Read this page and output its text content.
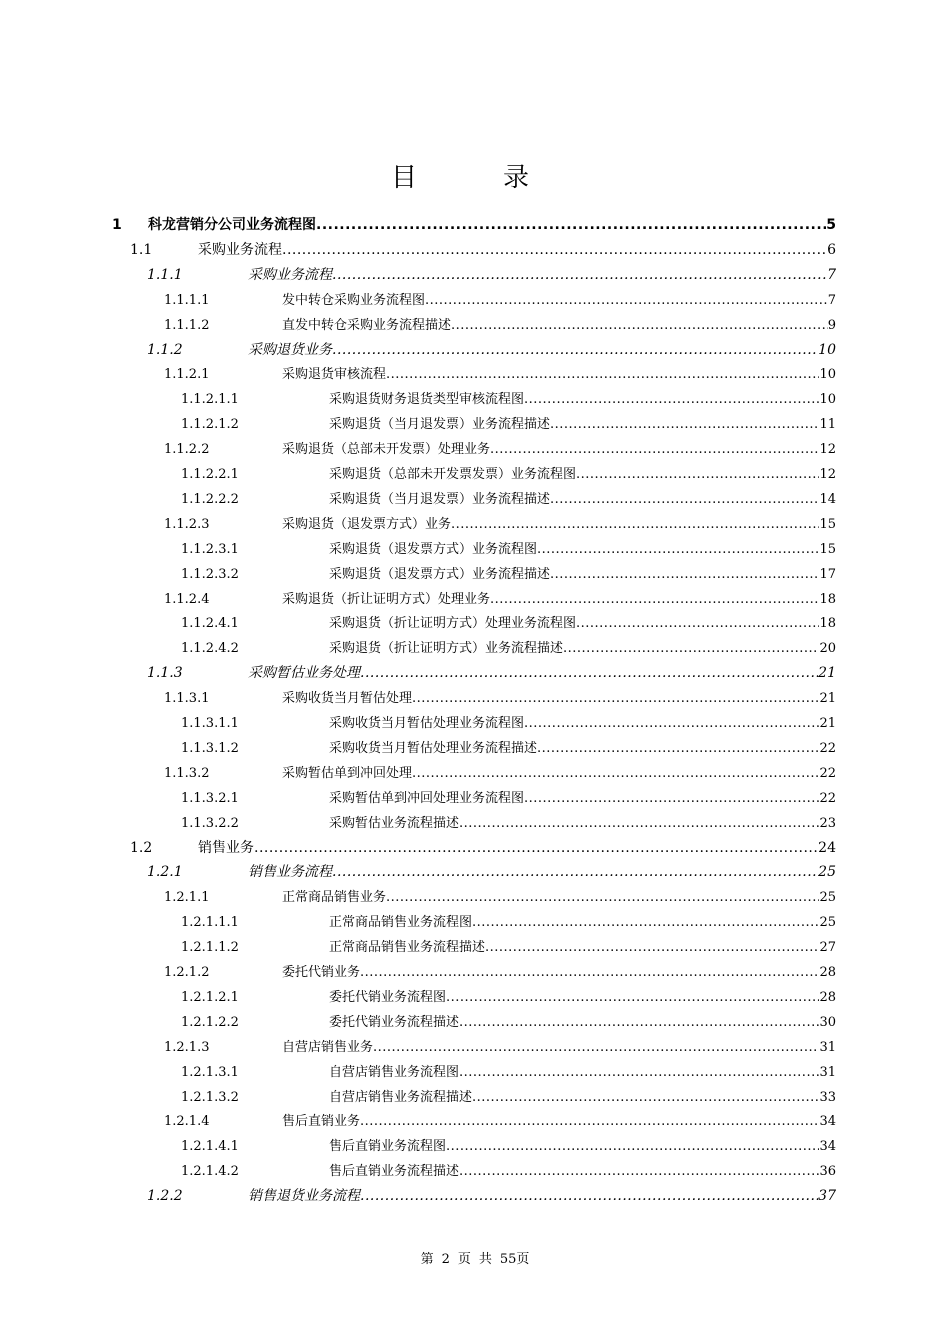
目　录
1	科龙营销分公司业务流程图 .....	5
1.1	采购业务流程 .....	6
1.1.1	采购业务流程 .....	7
1.1.1.1	发中转仓采购业务流程图 .....	7
1.1.1.2	直发中转仓采购业务流程描述 .....	9
1.1.2	采购退货业务 .....	10
1.1.2.1	采购退货审核流程 .....	10
1.1.2.1.1	采购退货财务退货类型审核流程图 .....	10
1.1.2.1.2	采购退货（当月退发票）业务流程描述 .....	11
1.1.2.2	采购退货（总部未开发票）处理业务 .....	12
1.1.2.2.1	采购退货（总部未开发票发票）业务流程图 .....	12
1.1.2.2.2	采购退货（当月退发票）业务流程描述 .....	14
1.1.2.3	采购退货（退发票方式）业务 .....	15
1.1.2.3.1	采购退货（退发票方式）业务流程图 .....	15
1.1.2.3.2	采购退货（退发票方式）业务流程描述 .....	17
1.1.2.4	采购退货（折让证明方式）处理业务 .....	18
1.1.2.4.1	采购退货（折让证明方式）处理业务流程图 .....	18
1.1.2.4.2	采购退货（折让证明方式）业务流程描述 .....	20
1.1.3	采购暂估业务处理 .....	21
1.1.3.1	采购收货当月暂估处理 .....	21
1.1.3.1.1	采购收货当月暂估处理业务流程图 .....	21
1.1.3.1.2	采购收货当月暂估处理业务流程描述 .....	22
1.1.3.2	采购暂估单到冲回处理 .....	22
1.1.3.2.1	采购暂估单到冲回处理业务流程图 .....	22
1.1.3.2.2	采购暂估业务流程描述 .....	23
1.2	销售业务 .....	24
1.2.1	销售业务流程 .....	25
1.2.1.1	正常商品销售业务 .....	25
1.2.1.1.1	正常商品销售业务流程图 .....	25
1.2.1.1.2	正常商品销售业务流程描述 .....	27
1.2.1.2	委托代销业务 .....	28
1.2.1.2.1	委托代销业务流程图 .....	28
1.2.1.2.2	委托代销业务流程描述 .....	30
1.2.1.3	自营店销售业务 .....	31
1.2.1.3.1	自营店销售业务流程图 .....	31
1.2.1.3.2	自营店销售业务流程描述 .....	33
1.2.1.4	售后直销业务 .....	34
1.2.1.4.1	售后直销业务流程图 .....	34
1.2.1.4.2	售后直销业务流程描述 .....	36
1.2.2	销售退货业务流程 .....	37
第 2 页 共 55页
